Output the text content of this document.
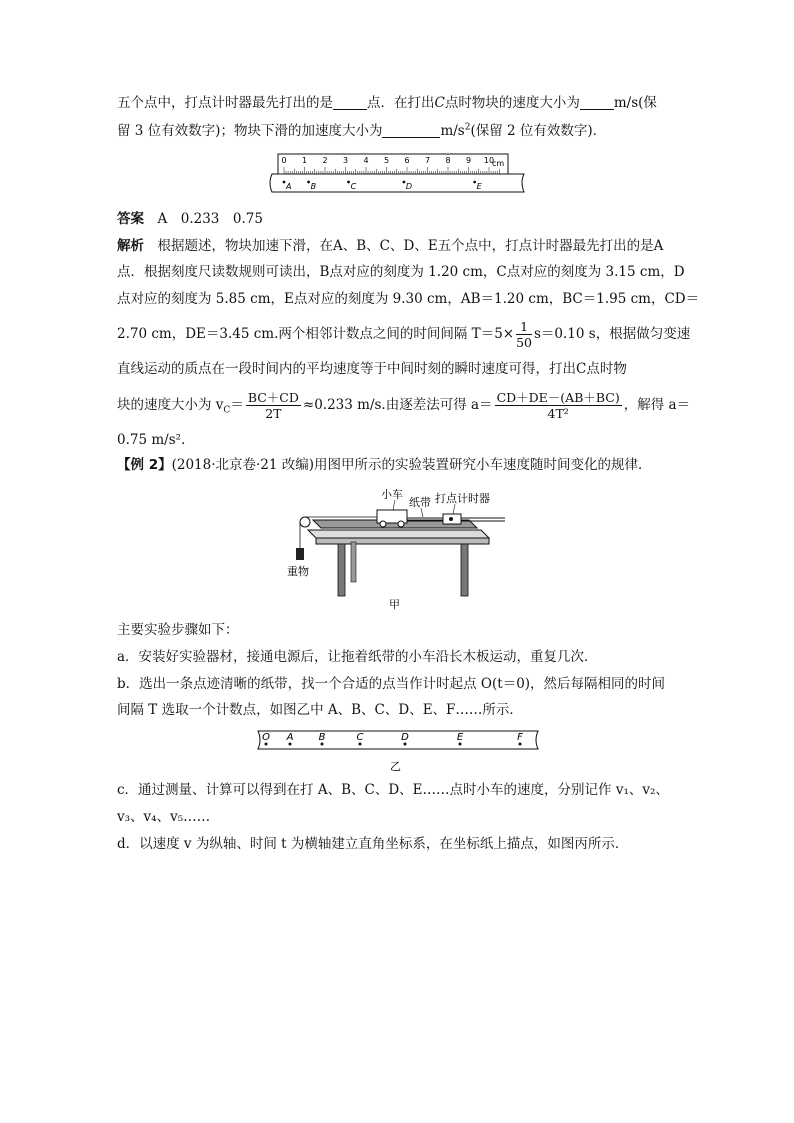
五个点中，打点计时器最先打出的是	点．在打出C点时物块的速度大小为	m/s(保
留 3 位有效数字)；物块下滑的加速度大小为	$m/s^2$(保留 2 位有效数字)．
0 1 2 3 4 5 6 7 8 9 10
cm
A B	C	D	E
答案　 A　0.233　0.75
解析　 根据题述，物块加速下滑，在A、B、C、D、E五个点中，打点计时器最先打出的是A
点．根据刻度尺读数规则可读出，B点对应的刻度为 1.20 cm，C点对应的刻度为 3.15 cm，D
点对应的刻度为 5.85 cm，E点对应的刻度为 9.30 cm，AB＝1.20 cm，BC＝1.95 cm，CD＝
2.70 cm，DE＝3.45 cm.两个相邻计数点之间的时间间隔 $T=5\times \frac{1}{50} s=0.10$ s，根据做匀变速
直线运动的质点在一段时间内的平均速度等于中间时刻的瞬时速度可得，打出C点时物
块的速度大小为 $v_C= \frac{BC+CD}{2T} \approx 0.233$ m/s.由逐差法可得 $a= \frac{CD+DE-(AB+BC)}{\text{4T²}}$ ，解得 a＝
0.75 m/s².
【例 2】(2018·北京卷·21 改编)用图甲所示的实验装置研究小车速度随时间变化的规律．
重物
小车
纸带 打点计时器
甲
主要实验步骤如下：
a．安装好实验器材，接通电源后，让拖着纸带的小车沿长木板运动，重复几次．
b．选出一条点迹清晰的纸带，找一个合适的点当作计时起点 O(t＝0)，然后每隔相同的时间
间隔 T 选取一个计数点，如图乙中 A、B、C、D、E、F……所示．
O A	B	C	D	E	F
乙
c．通过测量、计算可以得到在打 A、B、C、D、E……点时小车的速度，分别记作 v₁、v₂、
v₃、v₄、v₅……
d．以速度 v 为纵轴、时间 t 为横轴建立直角坐标系，在坐标纸上描点，如图丙所示．
